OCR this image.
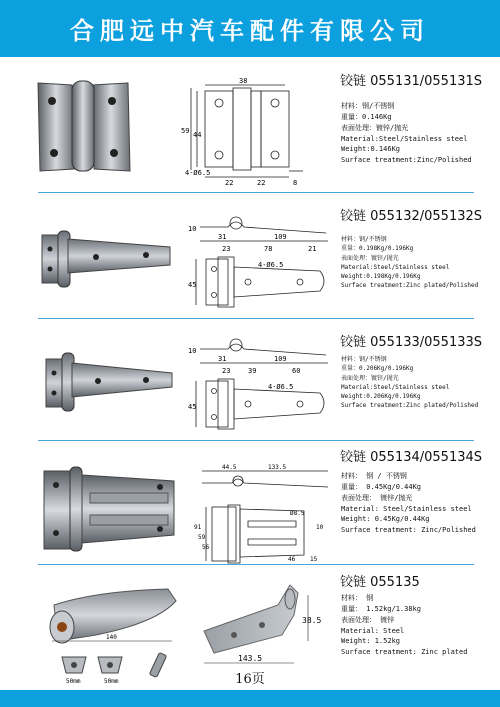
合肥远中汽车配件有限公司
38
59 44
4-Ø6.5
22	22	8
铰链 055131/055131S
材料：钢/不锈钢
重量：0.146Kg
表面处理：镀锌/抛光
Material:Steel/Stainless steel
Weight:0.146Kg
Surface treatment:Zinc/Polished
10
31	109
23	78	21
4-Ø6.5
45
铰链 055132/055132S
材料：钢/不锈钢
重量：0.198Kg/0.196Kg
表面处理：镀锌/抛光
Material:Steel/Stainless steel
Weight:0.198Kg/0.196Kg
Surface treatment:Zinc plated/Polished
10
31	109
23	39	60
4-Ø6.5
45
铰链 055133/055133S
材料：钢/不锈钢
重量：0.206Kg/0.196Kg
表面处理：镀锌/抛光
Material:Steel/Stainless steel
Weight:0.206Kg/0.196Kg
Surface treatment:Zinc plated/Polished
44.5	133.5
Ø8.5
91
59
56
10
46 15
铰链 055134/055134S
材料： 钢 / 不锈钢
重量： 0.45Kg/0.44Kg
表面处理： 镀锌/抛光
Material: Steel/Stainless steel
Weight: 0.45Kg/0.44Kg
Surface treatment: Zinc/Polished
140
50mm	50mm
143.5
38.5
铰链 055135
材料： 钢
重量： 1.52kg/1.38kg
表面处理： 镀锌
Material: Steel
Weight: 1.52kg
Surface treatment: Zinc plated
16页
